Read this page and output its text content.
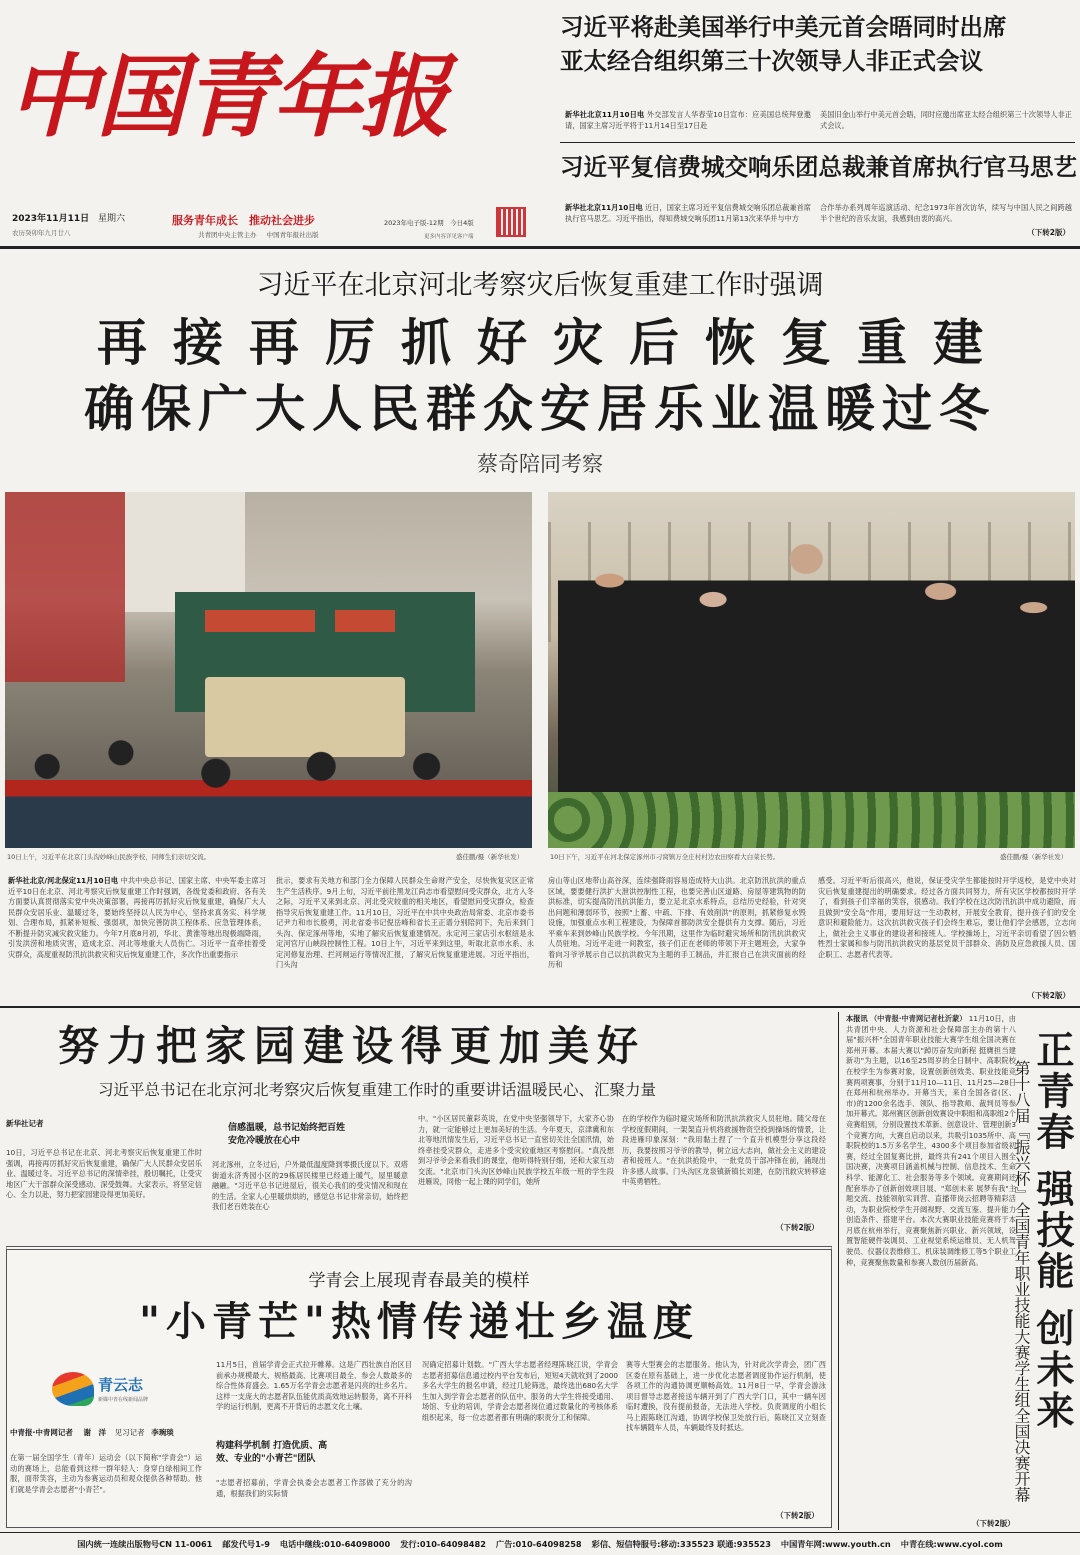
中国青年报
2023年11月11日 星期六
农历癸卯年九月廿八
服务青年成长　推动社会进步
共青团中央主管主办 中国青年报社出版
2023年电子版-12期　今日4版
更多内容详见客户端
习近平将赴美国举行中美元首会晤同时出席
亚太经合组织第三十次领导人非正式会议
新华社北京11月10日电 外交部发言人华春莹10日宣布：应美国总统拜登邀请，国家主席习近平将于11月14日至17日赴
美国旧金山举行中美元首会晤，同时应邀出席亚太经合组织第三十次领导人非正式会议。
习近平复信费城交响乐团总裁兼首席执行官马思艺
新华社北京11月10日电 近日，国家主席习近平复信费城交响乐团总裁兼首席执行官马思艺。习近平指出，得知费城交响乐团11月第13次来华并与中方
合作举办系列周年巡演活动、纪念1973年首次访华，续写与中国人民之间跨越半个世纪的音乐友谊，我感到由衷的高兴。
（下转2版）
习近平在北京河北考察灾后恢复重建工作时强调
再接再厉抓好灾后恢复重建
确保广大人民群众安居乐业温暖过冬
蔡奇陪同考察
10日上午，习近平在北京门头沟妙峰山民族学校，同师生们亲切交流。	盛佳鹏/摄（新华社发）	10日下午，习近平在河北保定涿州市刁窝镇万全庄村村边农田察看大白菜长势。	盛佳鹏/摄（新华社发）
新华社北京/河北保定11月10日电 中共中央总书记、国家主席、中央军委主席习近平10日在北京、河北考察灾后恢复重建工作时强调，各级党委和政府、各有关方面要认真贯彻落实党中央决策部署，再接再厉抓好灾后恢复重建，确保广大人民群众安居乐业、温暖过冬，要始终坚持以人民为中心，坚持求真务实、科学规划、合理布局，抓紧补短板、强弱项，加快完善防洪工程体系、应急管理体系，不断提升防灾减灾救灾能力。今年7月底8月初，华北、黄淮等地出现极端降雨，引发洪涝和地质灾害，造成北京、河北等地重大人员伤亡。习近平一直牵挂着受灾群众，高度重视防汛抗洪救灾和灾后恢复重建工作，多次作出重要指示
批示，要求有关地方和部门全力保障人民群众生命财产安全，尽快恢复灾区正常生产生活秩序。9月上旬，习近平前往黑龙江尚志市看望慰问受灾群众，北方入冬之际，习近平又来到北京、河北受灾较重的相关地区，看望慰问受灾群众，检查指导灾后恢复重建工作。11月10日，习近平在中共中央政治局常委、北京市委书记尹力和市长殷勇，河北省委书记倪岳峰和省长王正谱分别陪同下，先后来到门头沟、保定涿州等地，实地了解灾后恢复重建情况。永定河三家店引水枢纽是永定河官厅山峡段控制性工程。10日上午，习近平来到这里，听取北京市水系、永定河修复治理、拦河闸运行等情况汇报，了解灾后恢复重建进展。习近平指出，门头沟
房山等山区地带山高谷深，连续强降雨容易造成特大山洪。北京防汛抗洪的重点区域，要要健行洪扩大泄洪控制性工程，也要完善山区道路、房屋等建筑物的防洪标准，切实提高防汛抗洪能力，要立足北京水系特点，总结历史经验，针对突出问题和薄弱环节，按照"上蓄、中疏、下排、有效削洪"的原则，抓紧修复水毁设施，加强重点水利工程建设，为保障首都防洪安全提供有力支撑。随后，习近平乘车来到妙峰山民族学校。今年汛期，这里作为临时避灾场所和防汛抗洪救灾人员驻地。习近平走进一间教室，孩子们正在老师的带领下开主题班会，大家争着向习爷爷展示自己以抗洪救灾为主题的手工制品，并汇报自己在洪灾面前的经历和
感受。习近平听后很高兴，他说，保证受灾学生都能按时开学返校，是党中央对灾后恢复重建提出的明确要求。经过各方面共同努力，所有灾区学校都按时开学了，看到孩子们幸福的笑容，很感动。我们学校在这次防汛抗洪中成功避险，而且做到"安全岛"作用，要用好这一生动教材，开展安全教育，提升孩子们的安全意识和避险能力。这次抗洪救灾孩子们会终生难忘，要让他们学会感恩，立志向上，做社会主义事业的建设者和接班人。学校操场上，习近平亲切看望了因公牺牲烈士家属和参与防汛抗洪救灾的基层党员干部群众、消防及应急救援人员、国企职工、志愿者代表等。
（下转2版）
努力把家园建设得更加美好
习近平总书记在北京河北考察灾后恢复重建工作时的重要讲话温暖民心、汇聚力量
新华社记者
10日，习近平总书记在北京、河北考察灾后恢复重建工作时强调，再接再厉抓好灾后恢复重建，确保广大人民群众安居乐业、温暖过冬。习近平总书记的深情牵挂，殷切嘱托，让受灾地区广大干部群众深受感动、深受鼓舞。大家表示，将坚定信心、全力以赴，努力把家园建设得更加美好。
信感温暖，总书记始终把百姓
安危冷暖放在心中
河北涿州，立冬过后，户外最低温度降到零摄氏度以下。双塔街道永济秀园小区的29栋居民楼里已经通上暖气，屋里暖意融融。"习近平总书记进屋后，很关心我们的受灾情况和现在的生活。全家人心里暖烘烘的，感觉总书记非常亲切，始终把我们老百姓装在心
中。"小区居民董彩英说，在党中央坚强领导下，大家齐心协力，就一定能够过上更加美好的生活。今年夏天，京津冀和东北等地汛情发生后，习近平总书记一直密切关注全国汛情，始终牵挂受灾群众，走进多个受灾较重地区考察慰问。"真没想到习爷爷会来看我们的课堂，他听得特别仔细，还和大家互动交流。"北京市门头沟区妙峰山民族学校五年级一班的学生段进雁说，同他一起上课的同学们，她所
在的学校作为临时避灾场所和防汛抗洪救灾人员驻地。随父母在学校度假期间，一架架直升机将救援物资空投到操场的情景，让段进雁印象深刻："我用黏土捏了一个直升机模型分享这段经历，我要按照习爷爷的教导，树立远大志向，做社会主义的建设者和接班人。"在抗洪抢险中，一批党员干部冲锋在前，涌现出许多感人故事。门头沟区龙泉镇新镇长刘建，在防汛救灾转移途中英勇牺牲。
（下转2版）
学青会上展现青春最美的模样
"小青芒"热情传递壮乡温度
青云志
新媒中青在线新闻品牌
中青报·中青网记者 谢　洋 见习记者 李琬琰
在第一届全国学生（青年）运动会（以下简称"学青会"）运动的赛场上，总能看到这样一群年轻人：身穿白绿相间工作服，面带笑容，主动为参赛运动员和观众提供各种帮助。他们就是学青会志愿者"小青芒"。
11月5日，首届学青会正式拉开帷幕。这是广西壮族自治区目前承办规模最大、规格最高、比赛项目最全、参会人数最多的综合性体育盛会。1.65万名学青会志愿者是闪亮的壮乡名片。这样一支庞大的志愿者队伍能优质高效地运转服务，离不开科学的运行机制，更离不开背后的志愿文化土壤。
构建科学机制 打造优质、高
效、专业的"小青芒"团队
"志愿者招募前，学青会执委会志愿者工作部做了充分的沟通，根据我们的实际情
况确定招募计划数。"广西大学志愿者经理陈晓江说，学青会志愿者招募信息通过校内平台发布后，短短4天就收到了2000多名大学生的报名申请，经过几轮筛选，最终选出680名大学生加入到学青会志愿者的队伍中。服务的大学生将接受通用、场馆、专业的培训，学青会志愿者岗位通过数量化的考核体系组织起来，每一位志愿者都有明确的职责分工和保障。
赛等大型赛会的志愿服务。他认为，针对此次学青会，团广西区委在原有基础上，进一步优化志愿者调度协作运行机制，使各项工作的沟通协调更顺畅高效。11月8日一早，学青会游泳项目督导志愿者接送车辆开到了广西大学门口，其中一辆车因临时遭换，没有提前报备，无法进入学校。负责调度的小组长马上跟陈晓江沟通，协调学校保卫处放行后，陈晓江又立刻查找车辆随车人员，车辆最终及时抵达。
（下转2版）
本报讯 （中青报·中青网记者杜沂蒙） 11月10日，由共青团中央、人力资源和社会保障部主办的第十八届"振兴杯"全国青年职业技能大赛学生组全国决赛在郑州开幕。本届大赛以"踔厉奋发向新程 挺膺担当建新功"为主题，以16至25周岁的全日制中、高职院校在校学生为参赛对象，设置创新创效类、职业技能竞赛两项赛事，分别于11月10—11日、11月25—28日在郑州和杭州举办。开幕当天，来自全国各省(区、市)的1200余名选手、领队、指导教师、裁判员等参加开幕式。郑州赛区创新创效赛设中职组和高职组2个竞赛组别，分别设置技术革新、创意设计、管理创新3个竞赛方向，大赛自启动以来，共吸引1035所中、高职院校的1.5万多名学生，4300多个项目参加省级初赛，经过全国复赛比拼，最终共有241个项目入围全国决赛，决赛项目涵盖机械与控制、信息技术、生命科学、能源化工、社会服务等多个领域。竞赛期间还配套举办了创新创效项目展、"郑创未来 展梦有我"主题交流、技能领航实训营、直播带岗云招聘等精彩活动，为职业院校学生开阔视野、交流互鉴、提升能力创造条件、搭建平台。本次大赛职业技能竞赛将于本月底在杭州举行，竞赛聚焦新兴职业、新兴领域，设置智能硬件装调员、工业视觉系统运维员、无人机驾驶员、仪器仪表维修工、机床装调维修工等5个职业工种，竞赛聚焦数量和参赛人数创历届新高。
（下转2版）
正青春 强技能 创未来
第十八届『振兴杯』全国青年职业技能大赛学生组全国决赛开幕
国内统一连续出版物号CN 11-0061 邮发代号1-9 电话中继线:010-64098000 发行:010-64098482 广告:010-64098258 彩信、短信特服号:移动:335523 联通:935523 中国青年网:www.youth.cn 中青在线:www.cyol.com
